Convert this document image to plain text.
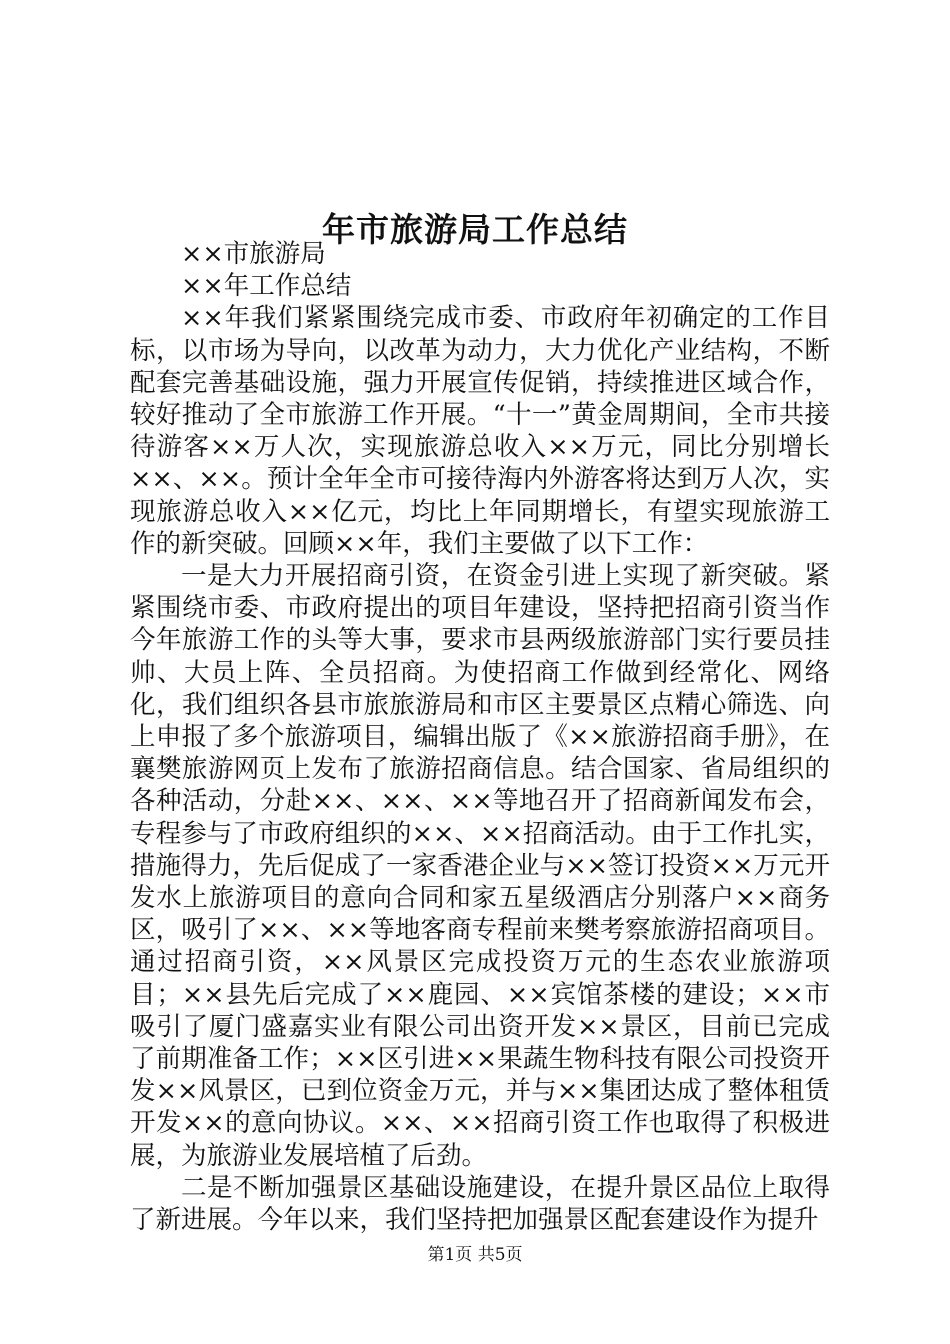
年市旅游局工作总结

××市旅游局

××年工作总结

××年我们紧紧围绕完成市委、市政府年初确定的工作目标，以市场为导向，以改革为动力，大力优化产业结构，不断配套完善基础设施，强力开展宣传促销，持续推进区域合作，较好推动了全市旅游工作开展。“十一”黄金周期间，全市共接待游客××万人次，实现旅游总收入××万元，同比分别增长××、××。预计全年全市可接待海内外游客将达到万人次，实现旅游总收入××亿元，均比上年同期增长，有望实现旅游工作的新突破。回顾××年，我们主要做了以下工作：

一是大力开展招商引资，在资金引进上实现了新突破。紧紧围绕市委、市政府提出的项目年建设，坚持把招商引资当作今年旅游工作的头等大事，要求市县两级旅游部门实行要员挂帅、大员上阵、全员招商。为使招商工作做到经常化、网络化，我们组织各县市旅旅游局和市区主要景区点精心筛选、向上申报了多个旅游项目，编辑出版了《××旅游招商手册》，在襄樊旅游网页上发布了旅游招商信息。结合国家、省局组织的各种活动，分赴××、××、××等地召开了招商新闻发布会，专程参与了市政府组织的××、××招商活动。由于工作扎实，措施得力，先后促成了一家香港企业与××签订投资××万元开发水上旅游项目的意向合同和家五星级酒店分别落户××商务区，吸引了××、××等地客商专程前来樊考察旅游招商项目。通过招商引资，××风景区完成投资万元的生态农业旅游项目；××县先后完成了××鹿园、××宾馆茶楼的建设；××市吸引了厦门盛嘉实业有限公司出资开发××景区，目前已完成了前期准备工作；××区引进××果蔬生物科技有限公司投资开发××风景区，已到位资金万元，并与××集团达成了整体租赁开发××的意向协议。××、××招商引资工作也取得了积极进展，为旅游业发展培植了后劲。

二是不断加强景区基础设施建设，在提升景区品位上取得了新进展。今年以来，我们坚持把加强景区配套建设作为提升

第1页 共5页
